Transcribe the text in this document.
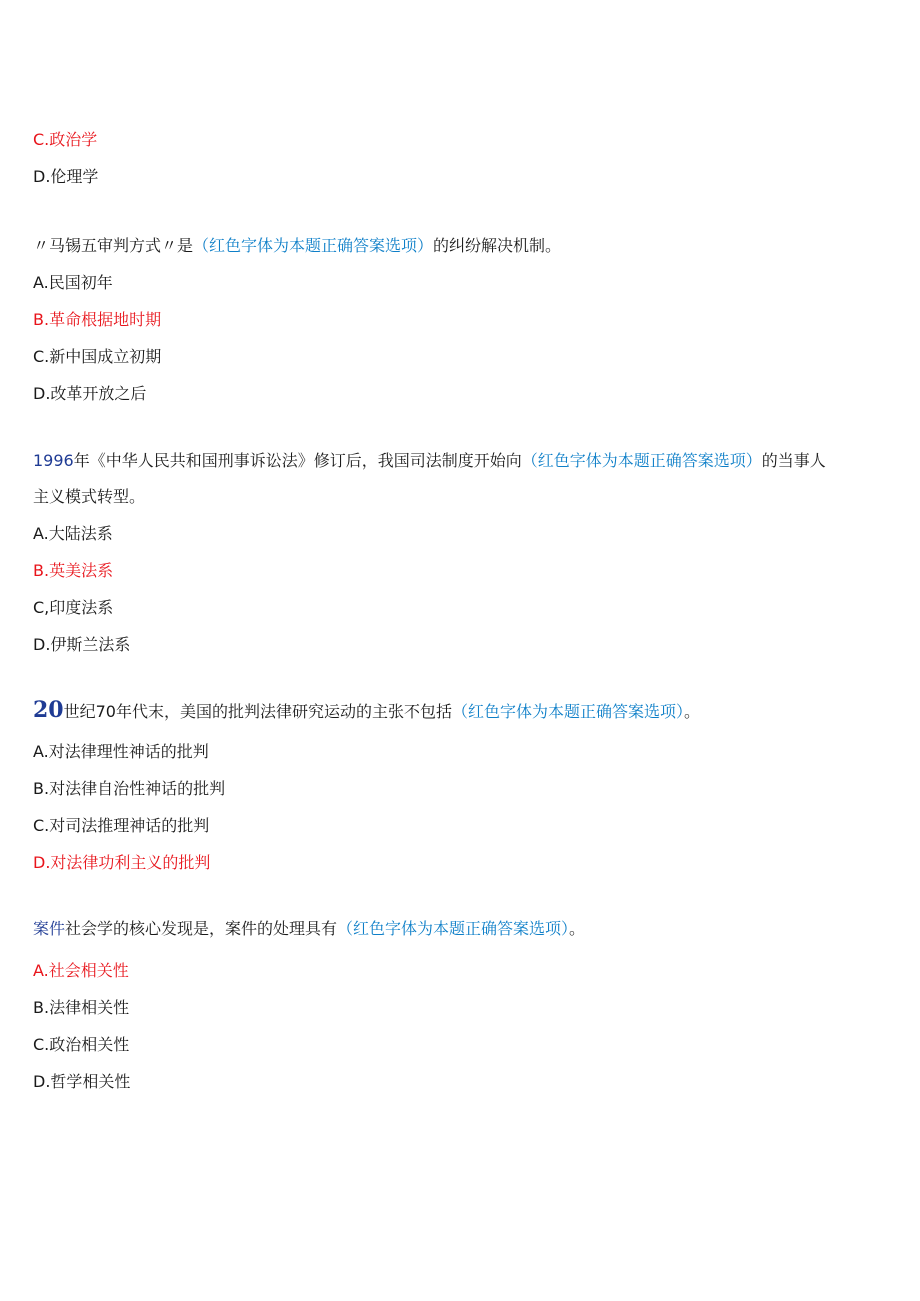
C.政治学
D.伦理学
〃马锡五审判方式〃是（红色字体为本题正确答案选项）的纠纷解决机制。
A.民国初年
B.革命根据地时期
C.新中国成立初期
D.改革开放之后
1996年《中华人民共和国刑事诉讼法》修订后，我国司法制度开始向（红色字体为本题正确答案选项）的当事人
主义模式转型。
A.大陆法系
B.英美法系
C,印度法系
D.伊斯兰法系
20世纪70年代末，美国的批判法律研究运动的主张不包括（红色字体为本题正确答案选项）。
A.对法律理性神话的批判
B.对法律自治性神话的批判
C.对司法推理神话的批判
D.对法律功利主义的批判
案件社会学的核心发现是，案件的处理具有（红色字体为本题正确答案选项）。
A.社会相关性
B.法律相关性
C.政治相关性
D.哲学相关性
